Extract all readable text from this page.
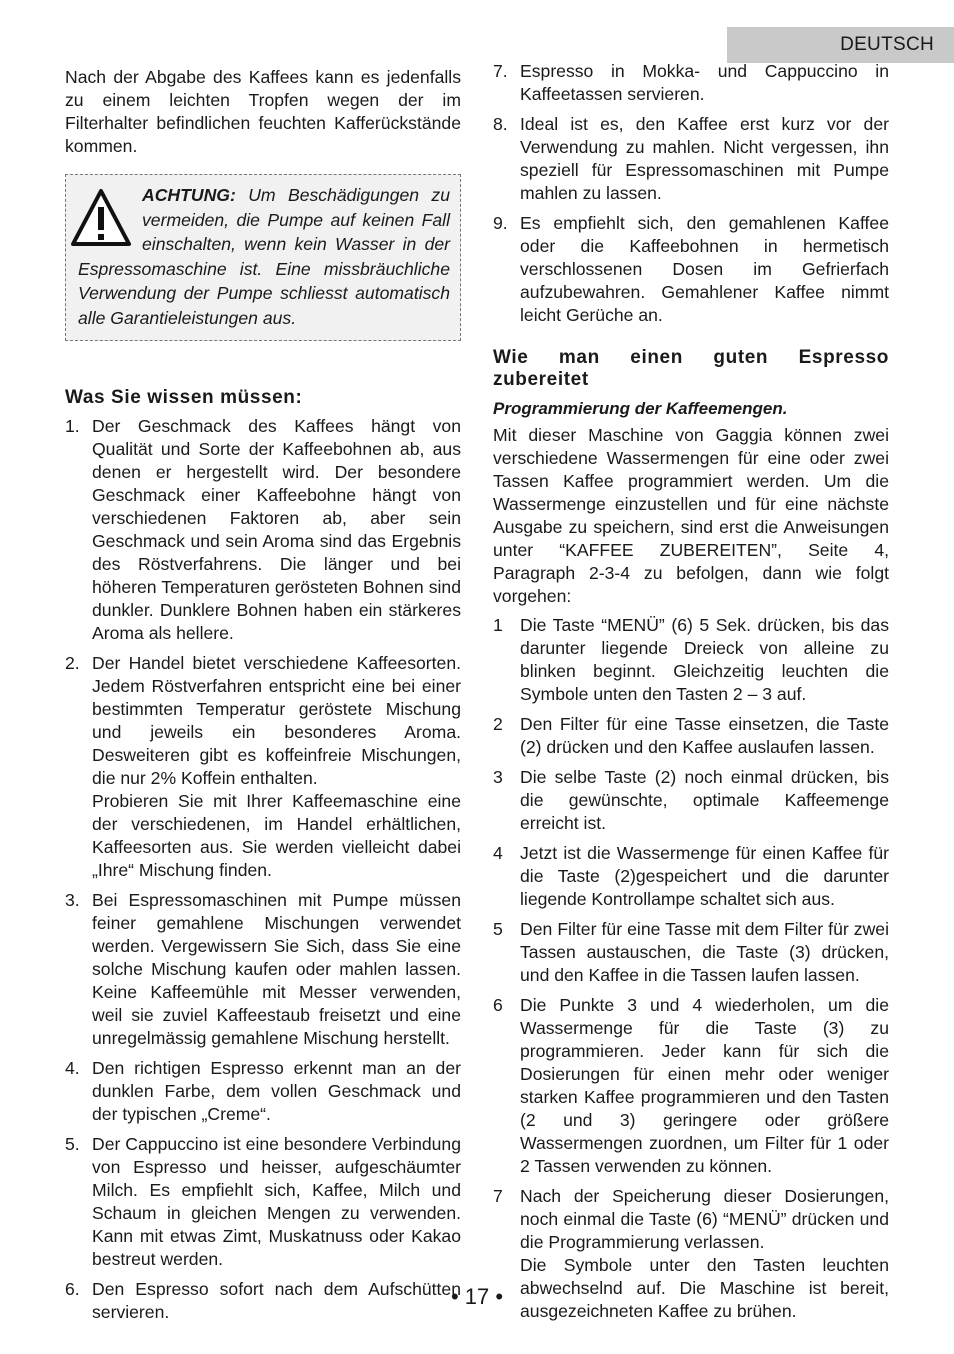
DEUTSCH

Nach der Abgabe des Kaffees kann es jedenfalls zu einem leichten Tropfen wegen der im Filterhalter befindlichen feuchten Kafferückstände kommen.

ACHTUNG: Um Beschädigungen zu vermeiden, die Pumpe auf keinen Fall einschalten, wenn kein Wasser in der Espressomaschine ist. Eine missbräuchliche Verwendung der Pumpe schliesst automatisch alle Garantieleistungen aus.
Was Sie wissen müssen:
1. Der Geschmack des Kaffees hängt von Qualität und Sorte der Kaffeebohnen ab, aus denen er hergestellt wird. Der besondere Geschmack einer Kaffeebohne hängt von verschiedenen Faktoren ab, aber sein Geschmack und sein Aroma sind das Ergebnis des Röstverfahrens. Die länger und bei höheren Temperaturen gerösteten Bohnen sind dunkler. Dunklere Bohnen haben ein stärkeres Aroma als hellere.
2. Der Handel bietet verschiedene Kaffeesorten. Jedem Röstverfahren entspricht eine bei einer bestimmten Temperatur geröstete Mischung und jeweils ein besonderes Aroma. Desweiteren gibt es koffeinfreie Mischungen, die nur 2% Koffein enthalten.
Probieren Sie mit Ihrer Kaffeemaschine eine der verschiedenen, im Handel erhältlichen, Kaffeesorten aus. Sie werden vielleicht dabei „Ihre“ Mischung finden.
3. Bei Espressomaschinen mit Pumpe müssen feiner gemahlene Mischungen verwendet werden. Vergewissern Sie Sich, dass Sie eine solche Mischung kaufen oder mahlen lassen. Keine Kaffeemühle mit Messer verwenden, weil sie zuviel Kaffeestaub freisetzt und eine unregelmässig gemahlene Mischung herstellt.
4. Den richtigen Espresso erkennt man an der dunklen Farbe, dem vollen Geschmack und der typischen „Creme“.
5. Der Cappuccino ist eine besondere Verbindung von Espresso und heisser, aufgeschäumter Milch. Es empfiehlt sich, Kaffee, Milch und Schaum in gleichen Mengen zu verwenden. Kann mit etwas Zimt, Muskatnuss oder Kakao bestreut werden.
6. Den Espresso sofort nach dem Aufschütten servieren.
7. Espresso in Mokka- und Cappuccino in Kaffeetassen servieren.
8. Ideal ist es, den Kaffee erst kurz vor der Verwendung zu mahlen. Nicht vergessen, ihn speziell für Espressomaschinen mit Pumpe mahlen zu lassen.
9. Es empfiehlt sich, den gemahlenen Kaffee oder die Kaffeebohnen in hermetisch verschlossenen Dosen im Gefrierfach aufzubewahren. Gemahlener Kaffee nimmt leicht Gerüche an.
Wie man einen guten Espresso zubereitet
Programmierung der Kaffeemengen.

Mit dieser Maschine von Gaggia können zwei verschiedene Wassermengen für eine oder zwei Tassen Kaffee programmiert werden. Um die Wassermenge einzustellen und für eine nächste Ausgabe zu speichern, sind erst die Anweisungen unter “KAFFEE ZUBEREITEN”, Seite 4, Paragraph 2-3-4 zu befolgen, dann wie folgt vorgehen:

1 Die Taste “MENÜ” (6) 5 Sek. drücken, bis das darunter liegende Dreieck von alleine zu blinken beginnt. Gleichzeitig leuchten die Symbole unten den Tasten 2 – 3 auf.
2 Den Filter für eine Tasse einsetzen, die Taste (2) drücken und den Kaffee auslaufen lassen.
3 Die selbe Taste (2) noch einmal drücken, bis die gewünschte, optimale Kaffeemenge erreicht ist.
4 Jetzt ist die Wassermenge für einen Kaffee für die Taste (2)gespeichert und die darunter liegende Kontrollampe schaltet sich aus.
5 Den Filter für eine Tasse mit dem Filter für zwei Tassen austauschen, die Taste (3) drücken, und den Kaffee in die Tassen laufen lassen.
6 Die Punkte 3 und 4 wiederholen, um die Wassermenge für die Taste (3) zu programmieren. Jeder kann für sich die Dosierungen für einen mehr oder weniger starken Kaffee programmieren und den Tasten (2 und 3) geringere oder größere Wassermengen zuordnen, um Filter für 1 oder 2 Tassen verwenden zu können.
7 Nach der Speicherung dieser Dosierungen, noch einmal die Taste (6) “MENÜ” drücken und die Programmierung verlassen.
Die Symbole unter den Tasten leuchten abwechselnd auf. Die Maschine ist bereit, ausgezeichneten Kaffee zu brühen.
• 17 •
